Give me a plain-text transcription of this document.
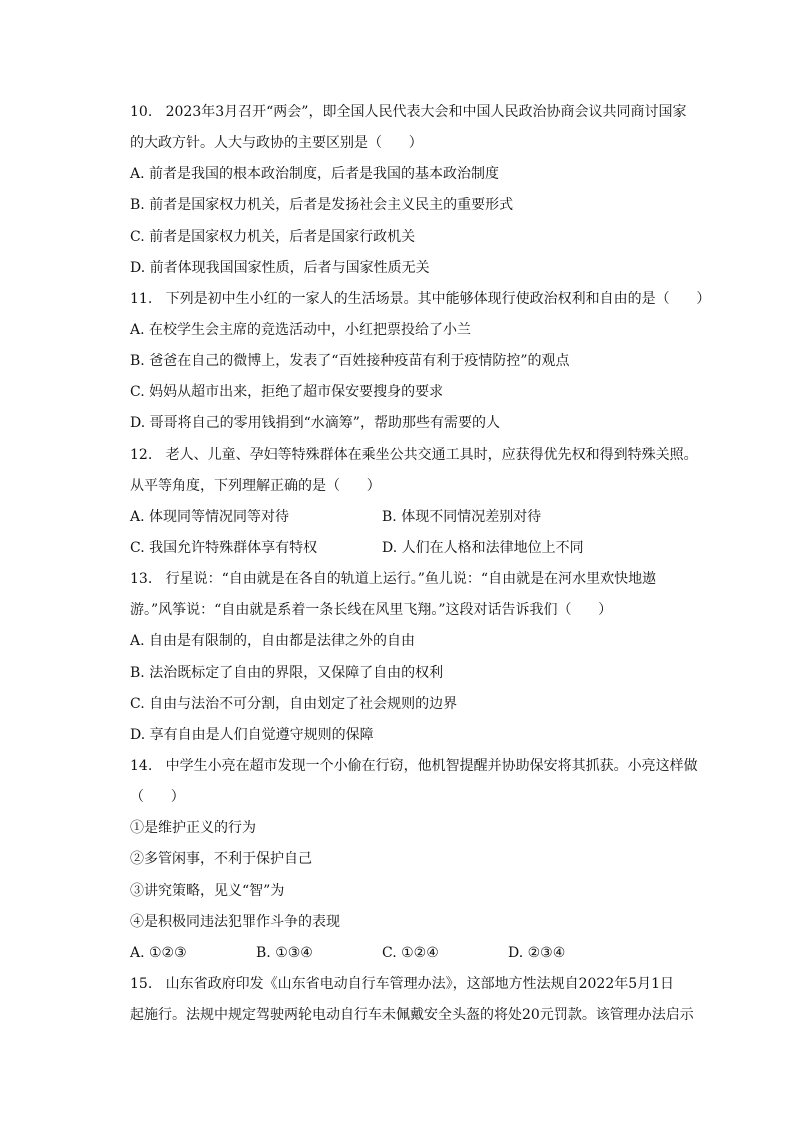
10.   2023年3月召开“两会”，即全国人民代表大会和中国人民政治协商会议共同商讨国家
的大政方针。人大与政协的主要区别是（      ）
A. 前者是我国的根本政治制度，后者是我国的基本政治制度
B. 前者是国家权力机关，后者是发扬社会主义民主的重要形式
C. 前者是国家权力机关，后者是国家行政机关
D. 前者体现我国国家性质，后者与国家性质无关
11.   下列是初中生小红的一家人的生活场景。其中能够体现行使政治权利和自由的是（      ）
A. 在校学生会主席的竞选活动中，小红把票投给了小兰
B. 爸爸在自己的微博上，发表了“百姓接种疫苗有利于疫情防控”的观点
C. 妈妈从超市出来，拒绝了超市保安要搜身的要求
D. 哥哥将自己的零用钱捐到“水滴筹”，帮助那些有需要的人
12.   老人、儿童、孕妇等特殊群体在乘坐公共交通工具时，应获得优先权和得到特殊关照。
从平等角度，下列理解正确的是（      ）
A. 体现同等情况同等对待	B. 体现不同情况差别对待
C. 我国允许特殊群体享有特权	D. 人们在人格和法律地位上不同
13.   行星说：“自由就是在各自的轨道上运行。”鱼儿说：“自由就是在河水里欢快地遨
游。”风筝说：“自由就是系着一条长线在风里飞翔。”这段对话告诉我们（      ）
A. 自由是有限制的，自由都是法律之外的自由
B. 法治既标定了自由的界限，又保障了自由的权利
C. 自由与法治不可分割，自由划定了社会规则的边界
D. 享有自由是人们自觉遵守规则的保障
14.   中学生小亮在超市发现一个小偷在行窃，他机智提醒并协助保安将其抓获。小亮这样做
（      ）
①是维护正义的行为
②多管闲事，不利于保护自己
③讲究策略，见义“智”为
④是积极同违法犯罪作斗争的表现
A. ①②③	B. ①③④	C. ①②④	D. ②③④
15.   山东省政府印发《山东省电动自行车管理办法》，这部地方性法规自2022年5月1日
起施行。法规中规定驾驶两轮电动自行车未佩戴安全头盔的将处20元罚款。该管理办法启示
